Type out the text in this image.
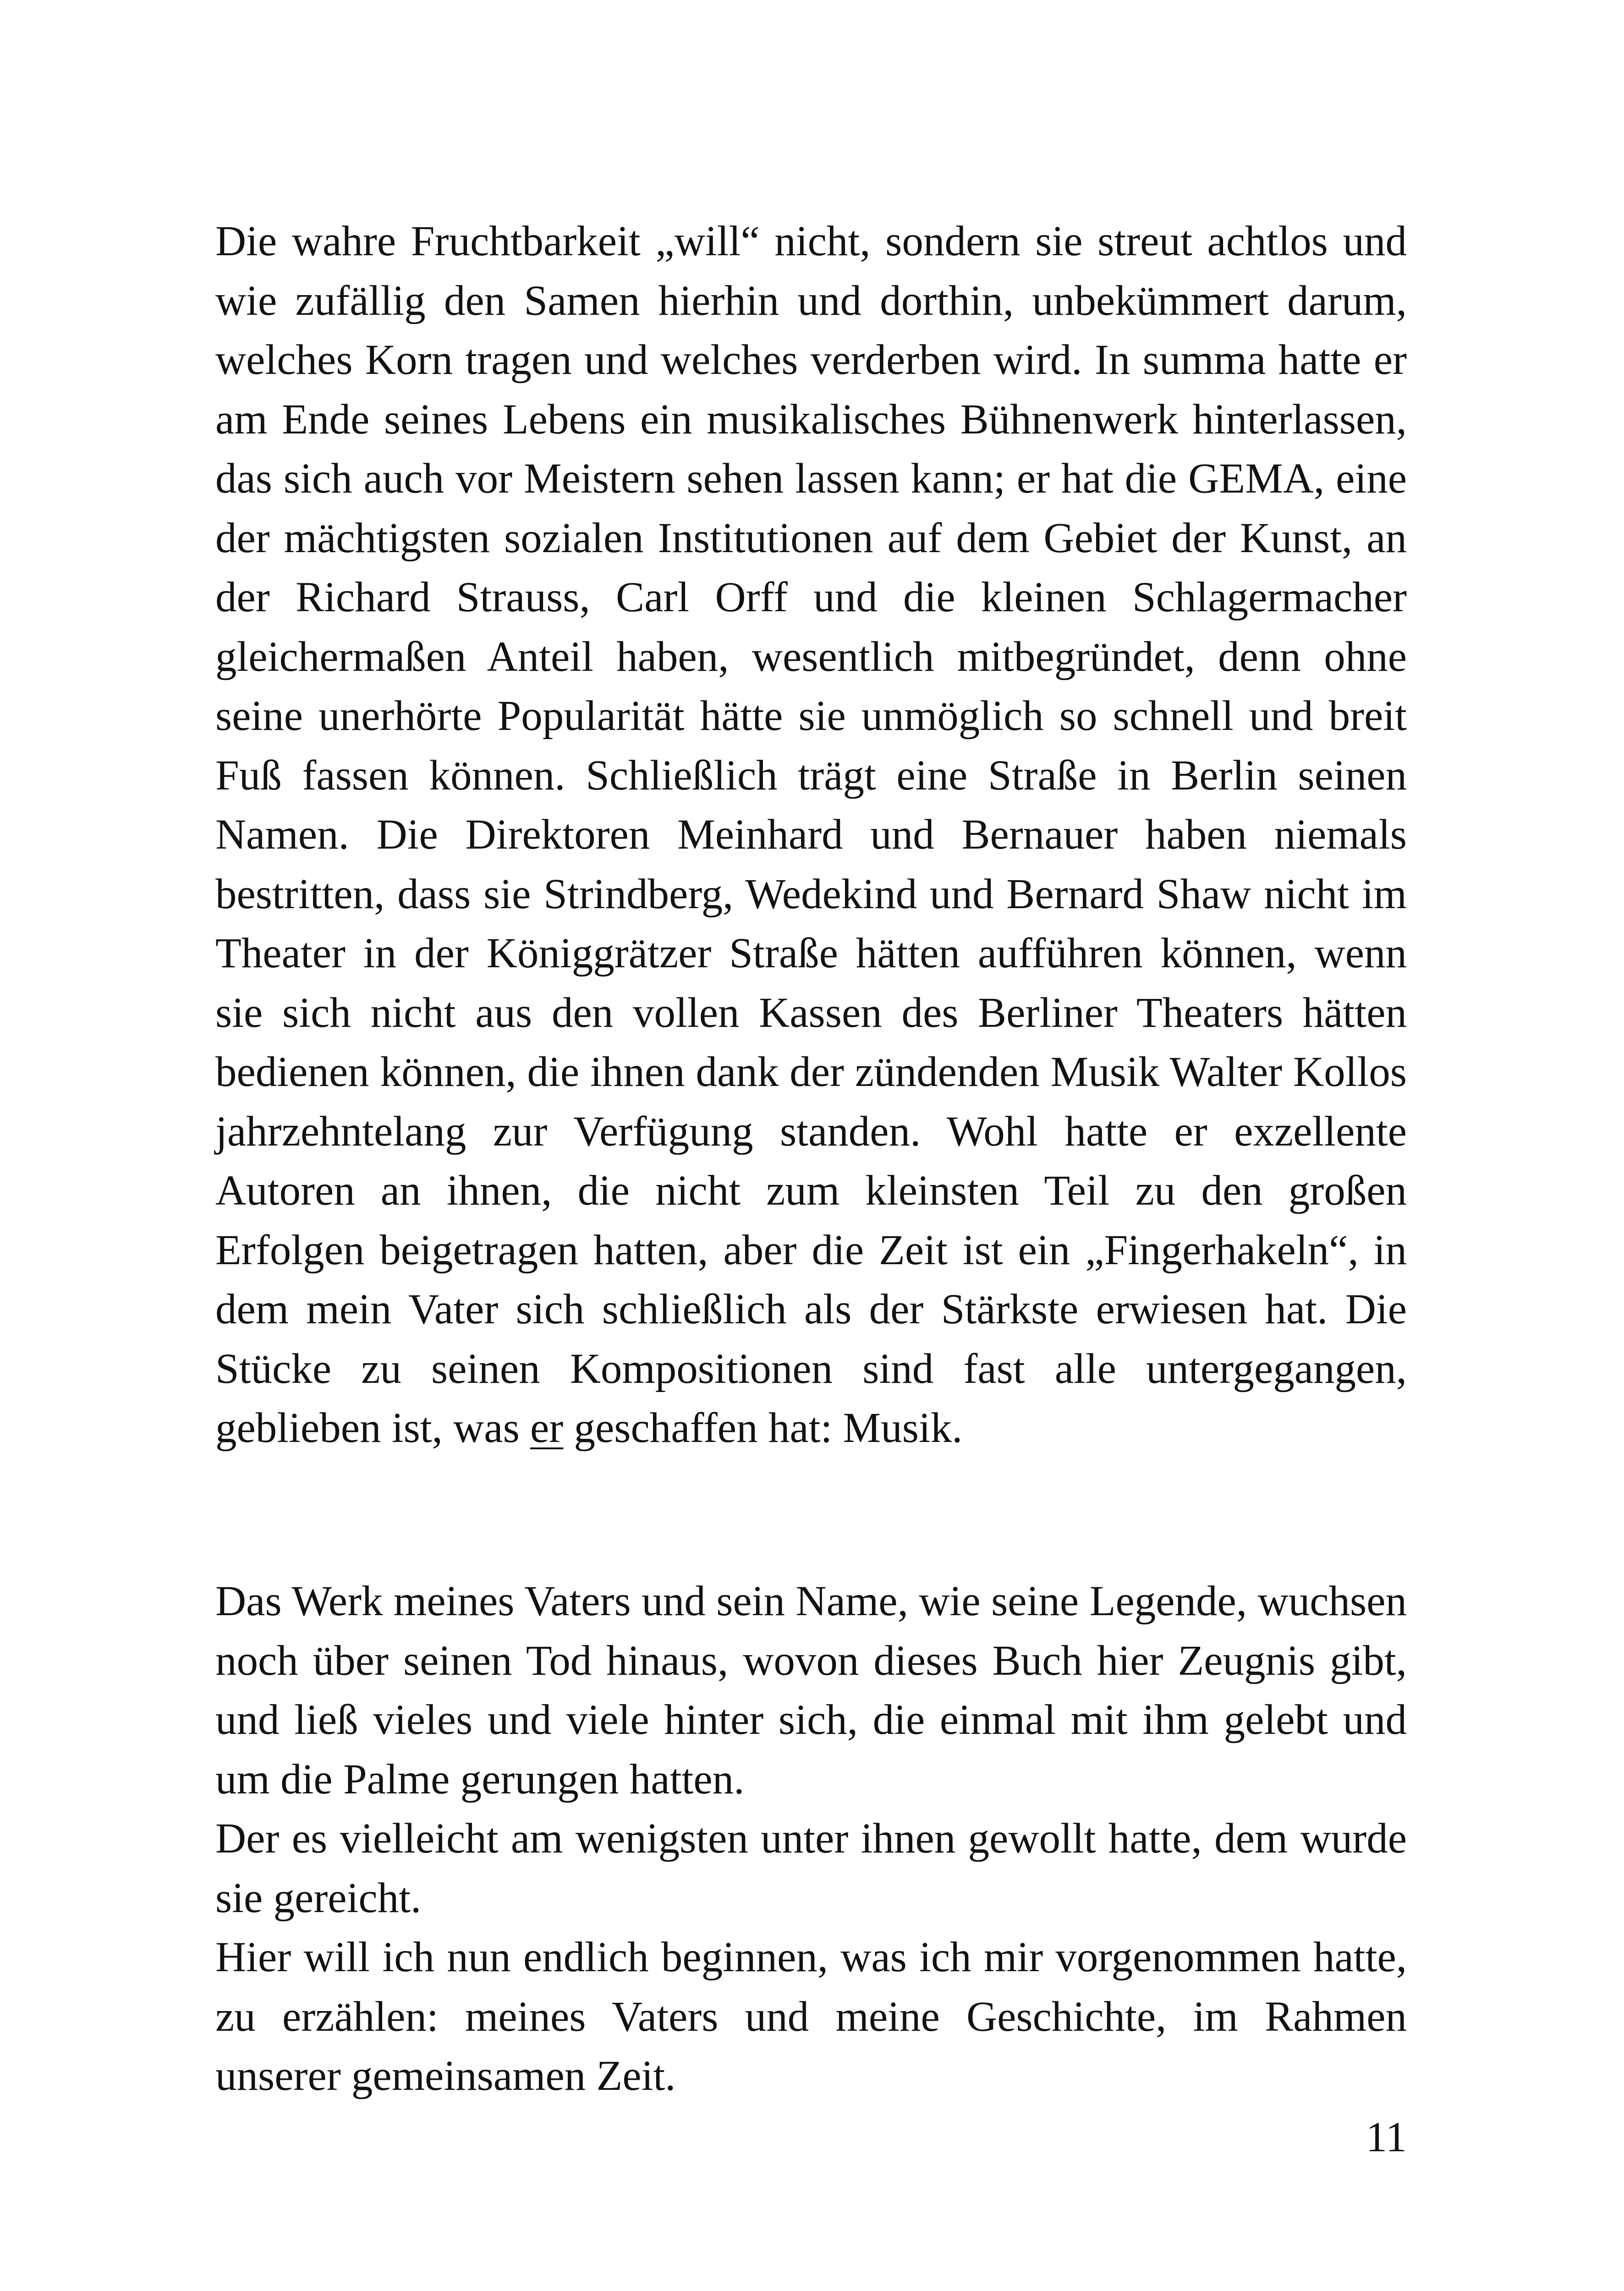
Die wahre Fruchtbarkeit „will“ nicht, sondern sie streut achtlos und wie zufällig den Samen hierhin und dorthin, unbekümmert darum, welches Korn tragen und welches verderben wird. In summa hatte er am Ende seines Lebens ein musikalisches Bühnenwerk hinterlassen, das sich auch vor Meistern sehen lassen kann; er hat die GEMA, eine der mächtigsten sozialen Institutionen auf dem Gebiet der Kunst, an der Richard Strauss, Carl Orff und die kleinen Schlagermacher gleichermaßen Anteil haben, wesentlich mitbegründet, denn ohne seine unerhörte Popularität hätte sie unmöglich so schnell und breit Fuß fassen können. Schließlich trägt eine Straße in Berlin seinen Namen. Die Direktoren Meinhard und Bernauer haben niemals bestritten, dass sie Strindberg, Wedekind und Bernard Shaw nicht im Theater in der Königgrätzer Straße hätten aufführen können, wenn sie sich nicht aus den vollen Kassen des Berliner Theaters hätten bedienen können, die ihnen dank der zündenden Musik Walter Kollos jahrzehntelang zur Verfügung standen. Wohl hatte er exzellente Autoren an ihnen, die nicht zum kleinsten Teil zu den großen Erfolgen beigetragen hatten, aber die Zeit ist ein „Fingerhakeln“, in dem mein Vater sich schließlich als der Stärkste erwiesen hat. Die Stücke zu seinen Kompositionen sind fast alle untergegangen, geblieben ist, was er geschaffen hat: Musik.

Das Werk meines Vaters und sein Name, wie seine Legende, wuchsen noch über seinen Tod hinaus, wovon dieses Buch hier Zeugnis gibt, und ließ vieles und viele hinter sich, die einmal mit ihm gelebt und um die Palme gerungen hatten.

Der es vielleicht am wenigsten unter ihnen gewollt hatte, dem wurde sie gereicht.

Hier will ich nun endlich beginnen, was ich mir vorgenommen hatte, zu erzählen: meines Vaters und meine Geschichte, im Rahmen unserer gemeinsamen Zeit.

11
